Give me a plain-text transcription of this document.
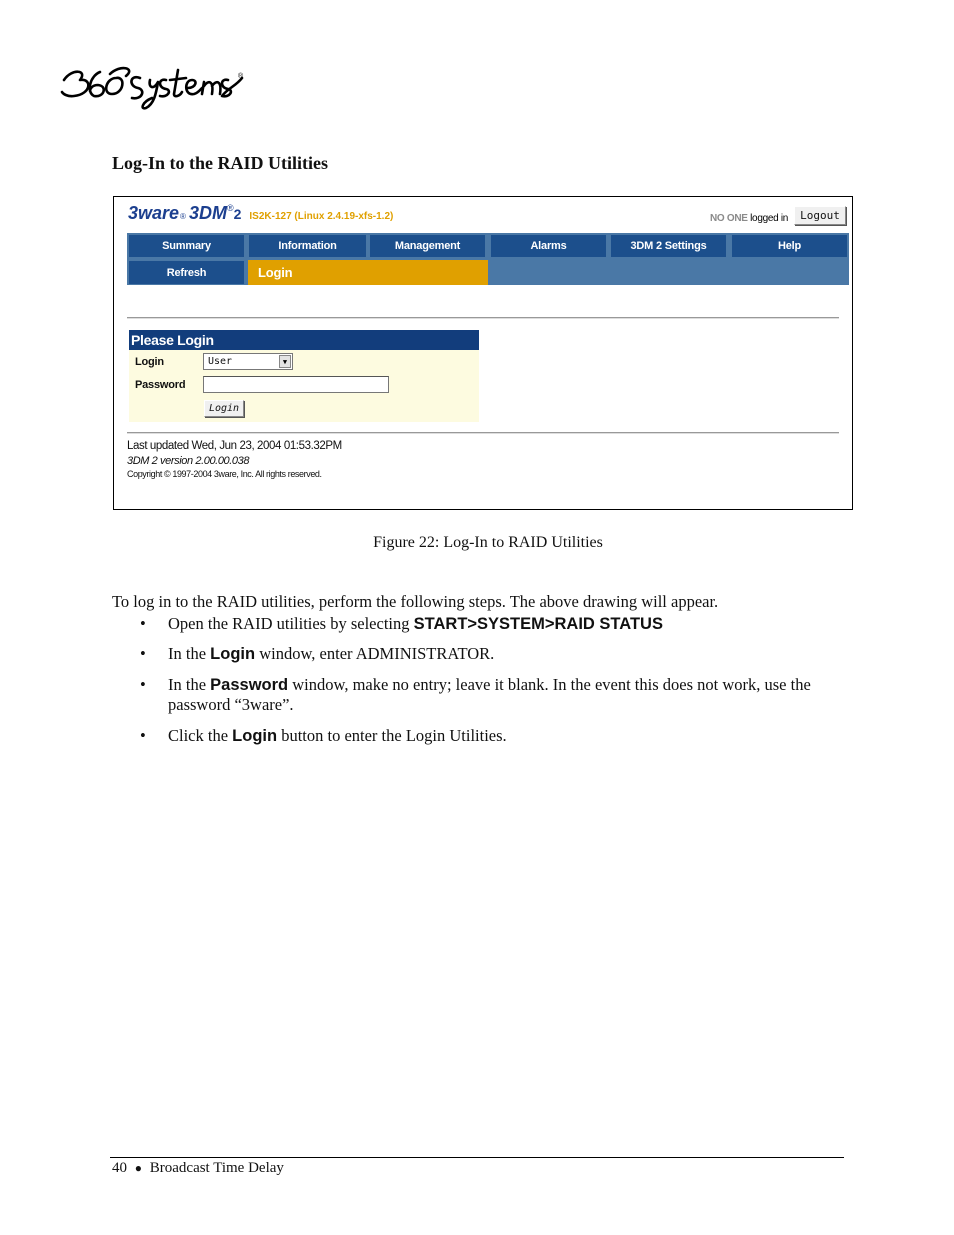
®
Log-In to the RAID Utilities
3ware ® 3DM ® 2 IS2K-127 (Linux 2.4.19-xfs-1.2)	NO ONE logged in	Logout
Summary	Information	Management	Alarms	3DM 2 Settings	Help
Refresh	Login
Please Login
Login	User	▼
Password
Login
Last updated Wed, Jun 23, 2004 01:53.32PM
3DM 2 version 2.00.00.038
Copyright © 1997-2004 3ware, Inc. All rights reserved.
Figure 22: Log-In to RAID Utilities
To log in to the RAID utilities, perform the following steps. The above drawing will appear.
• Open the RAID utilities by selecting START>SYSTEM>RAID STATUS
• In the Login window, enter ADMINISTRATOR.
• In the Password window, make no entry; leave it blank. In the event this does not work, use the password “3ware”.
• Click the Login button to enter the Login Utilities.
40 ● Broadcast Time Delay
